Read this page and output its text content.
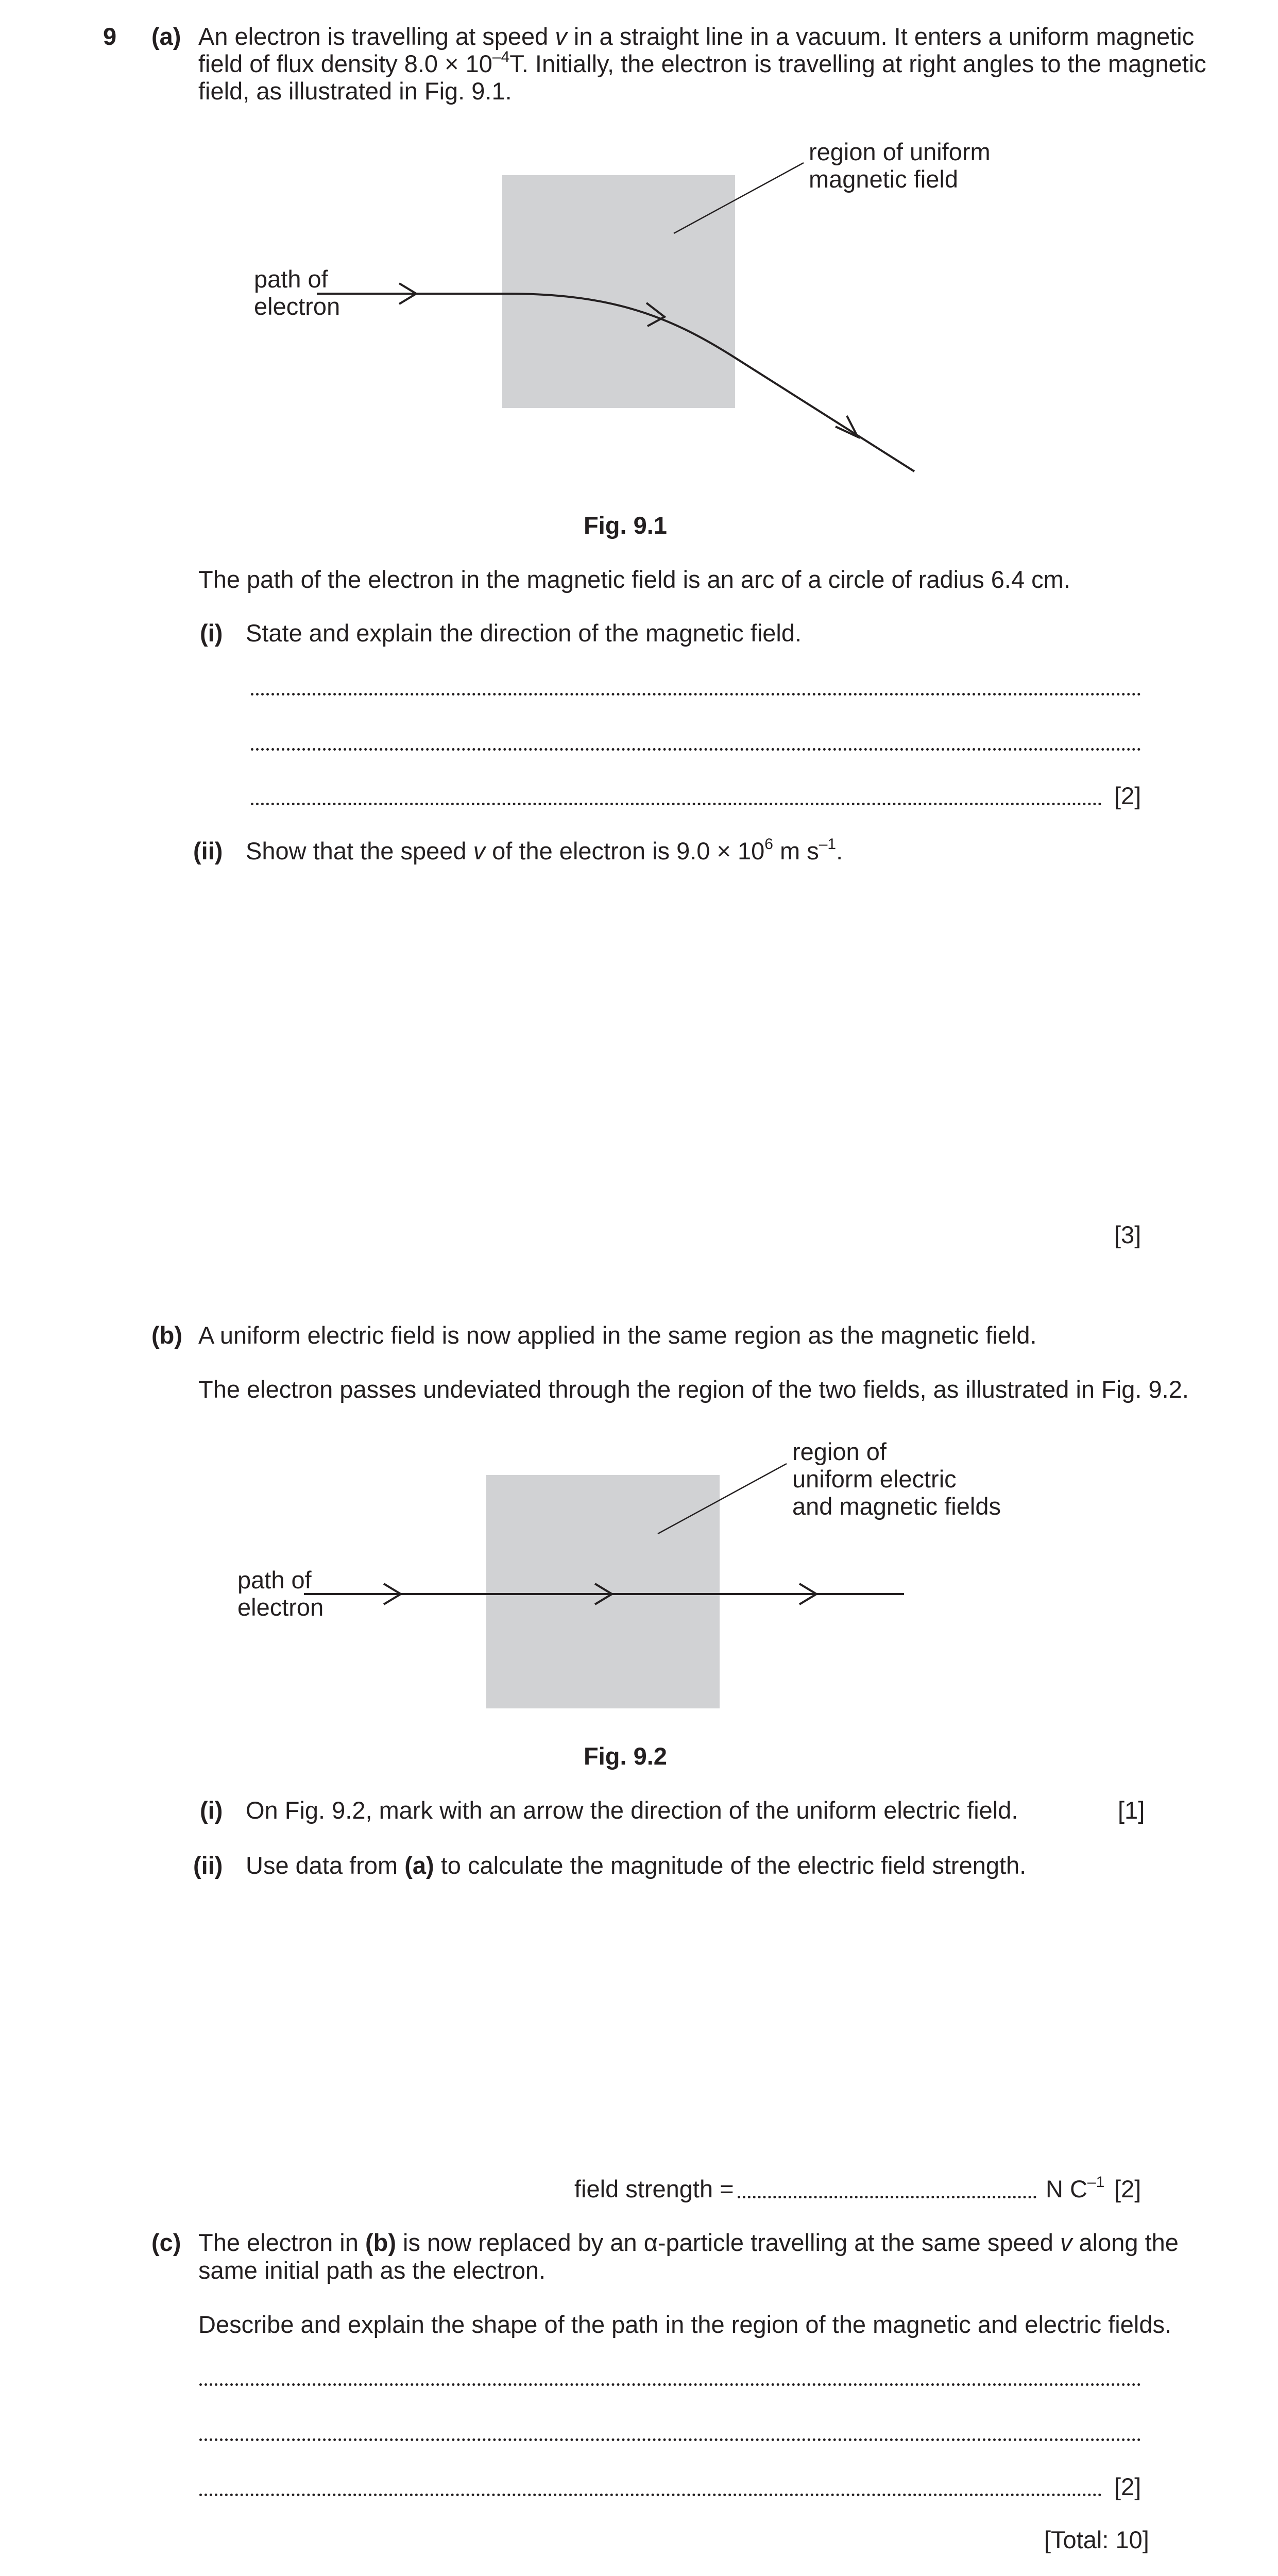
9 (a) An electron is travelling at speed v in a straight line in a vacuum. It enters a uniform magnetic
field of flux density $8.0 \times 10^{-4}T$. Initially, the electron is travelling at right angles to the magnetic
field, as illustrated in Fig. 9.1.
region of uniform
magnetic field
path of
electron
Fig. 9.1
The path of the electron in the magnetic field is an arc of a circle of radius 6.4 cm.
(i) State and explain the direction of the magnetic field.
[2]
(ii) Show that the speed v of the electron is $9.0 \times 10^6$ m $s^{-1}$.
[3]
(b) A uniform electric field is now applied in the same region as the magnetic field.
The electron passes undeviated through the region of the two fields, as illustrated in Fig. 9.2.
region of
uniform electric
and magnetic fields
path of
electron
Fig. 9.2
(i) On Fig. 9.2, mark with an arrow the direction of the uniform electric field.	[1]
(ii) Use data from (a) to calculate the magnitude of the electric field strength.
field strength =	N $C^{-1}$ [2]
(c) The electron in (b) is now replaced by an α-particle travelling at the same speed v along the
same initial path as the electron.
Describe and explain the shape of the path in the region of the magnetic and electric fields.
[2]
[Total: 10]
